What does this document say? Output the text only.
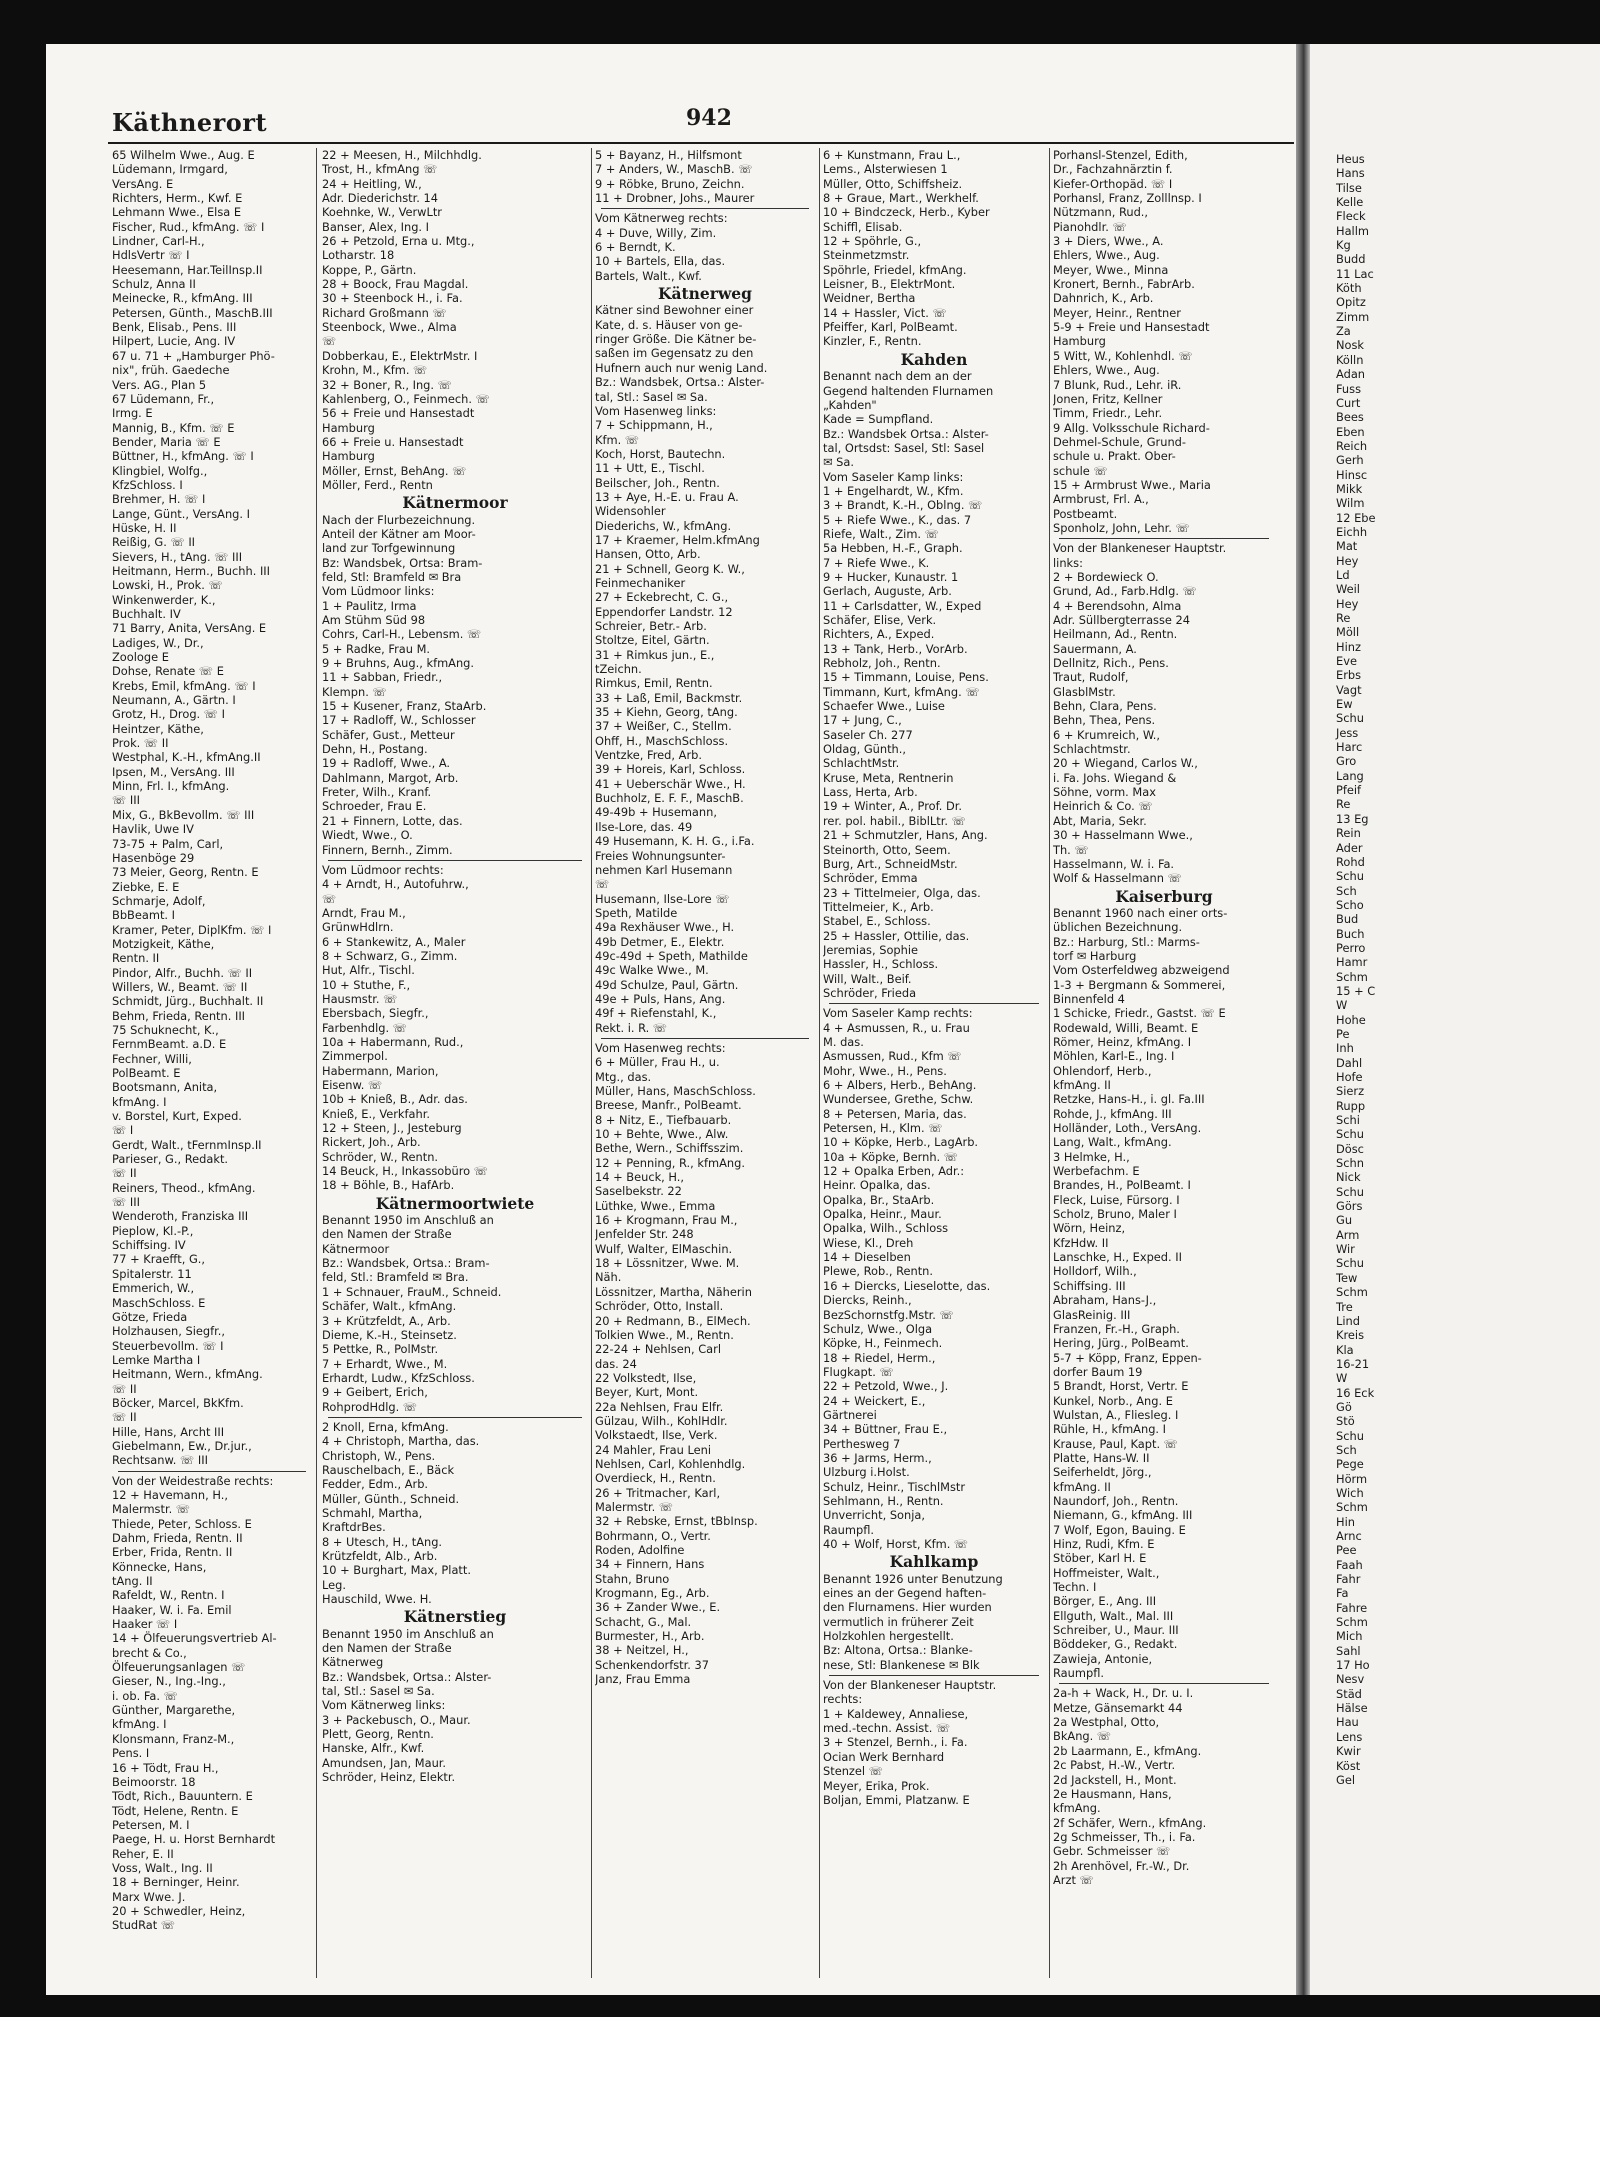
Heus
Hans
Tilse
Kelle
Fleck
Hallm
Kg
Budd
11 Lac
Köth
Opitz
Zimm
Za
Nosk
Kölln
Adan
Fuss
Curt
Bees
Eben
Reich
Gerh
Hinsc
Mikk
Wilm
12 Ebe
Eichh
Mat
Hey
Ld
Weil
Hey
Re
Möll
Hinz
Eve
Erbs
Vagt
Ew
Schu
Jess
Harc
Gro
Lang
Pfeif
Re
13 Eg
Rein
Ader
Rohd
Schu
Sch
Scho
Bud
Buch
Perro
Hamr
Schm
15 + C
W
Hohe
Pe
Inh
Dahl
Hofe
Sierz
Rupp
Schi
Schu
Dösc
Schn
Nick
Schu
Görs
Gu
Arm
Wir
Schu
Tew
Schm
Tre
Lind
Kreis
Kla
16-21
W
16 Eck
Gö
Stö
Schu
Sch
Pege
Hörm
Wich
Schm
Hin
Arnc
Pee
Faah
Fahr
Fa
Fahre
Schm
Mich
Sahl
17 Ho
Nesv
Städ
Hälse
Hau
Lens
Kwir
Köst
Gel
Käthnerort	942
65 Wilhelm Wwe., Aug. E
Lüdemann, Irmgard,
VersAng. E
Richters, Herm., Kwf. E
Lehmann Wwe., Elsa E
Fischer, Rud., kfmAng. ☏ I
Lindner, Carl-H.,
HdlsVertr ☏ I
Heesemann, Har.TeilInsp.II
Schulz, Anna II
Meinecke, R., kfmAng. III
Petersen, Günth., MaschB.III
Benk, Elisab., Pens. III
Hilpert, Lucie, Ang. IV
67 u. 71 + „Hamburger Phö-
nix", früh. Gaedeche
Vers. AG., Plan 5
67 Lüdemann, Fr.,
Irmg. E
Mannig, B., Kfm. ☏ E
Bender, Maria ☏ E
Büttner, H., kfmAng. ☏ I
Klingbiel, Wolfg.,
KfzSchloss. I
Brehmer, H. ☏ I
Lange, Günt., VersAng. I
Hüske, H. II
Reißig, G. ☏ II
Sievers, H., tAng. ☏ III
Heitmann, Herm., Buchh. III
Lowski, H., Prok. ☏
Winkenwerder, K.,
Buchhalt. IV
71 Barry, Anita, VersAng. E
Ladiges, W., Dr.,
Zoologe E
Dohse, Renate ☏ E
Krebs, Emil, kfmAng. ☏ I
Neumann, A., Gärtn. I
Grotz, H., Drog. ☏ I
Heintzer, Käthe,
Prok. ☏ II
Westphal, K.-H., kfmAng.II
Ipsen, M., VersAng. III
Minn, Frl. I., kfmAng.
☏ III
Mix, G., BkBevollm. ☏ III
Havlik, Uwe IV
73-75 + Palm, Carl,
Hasenböge 29
73 Meier, Georg, Rentn. E
Ziebke, E. E
Schmarje, Adolf,
BbBeamt. I
Kramer, Peter, DiplKfm. ☏ I
Motzigkeit, Käthe,
Rentn. II
Pindor, Alfr., Buchh. ☏ II
Willers, W., Beamt. ☏ II
Schmidt, Jürg., Buchhalt. II
Behm, Frieda, Rentn. III
75 Schuknecht, K.,
FernmBeamt. a.D. E
Fechner, Willi,
PolBeamt. E
Bootsmann, Anita,
kfmAng. I
v. Borstel, Kurt, Exped.
☏ I
Gerdt, Walt., tFernmInsp.II
Parieser, G., Redakt.
☏ II
Reiners, Theod., kfmAng.
☏ III
Wenderoth, Franziska III
Pieplow, Kl.-P.,
Schiffsing. IV
77 + Kraefft, G.,
Spitalerstr. 11
Emmerich, W.,
MaschSchloss. E
Götze, Frieda
Holzhausen, Siegfr.,
Steuerbevollm. ☏ I
Lemke Martha I
Heitmann, Wern., kfmAng.
☏ II
Böcker, Marcel, BkKfm.
☏ II
Hille, Hans, Archt III
Giebelmann, Ew., Dr.jur.,
Rechtsanw. ☏ III
Von der Weidestraße rechts:
12 + Havemann, H.,
Malermstr. ☏
Thiede, Peter, Schloss. E
Dahm, Frieda, Rentn. II
Erber, Frida, Rentn. II
Könnecke, Hans,
tAng. II
Rafeldt, W., Rentn. I
Haaker, W. i. Fa. Emil
Haaker ☏ I
14 + Ölfeuerungsvertrieb Al-
brecht & Co.,
Ölfeuerungsanlagen ☏
Gieser, N., Ing.-Ing.,
i. ob. Fa. ☏
Günther, Margarethe,
kfmAng. I
Klonsmann, Franz-M.,
Pens. I
16 + Tödt, Frau H.,
Beimoorstr. 18
Tödt, Rich., Bauuntern. E
Tödt, Helene, Rentn. E
Petersen, M. I
Paege, H. u. Horst Bernhardt
Reher, E. II
Voss, Walt., Ing. II
18 + Berninger, Heinr.
Marx Wwe. J.
20 + Schwedler, Heinz,
StudRat ☏
22 + Meesen, H., Milchhdlg.
Trost, H., kfmAng ☏
24 + Heitling, W.,
Adr. Diederichstr. 14
Koehnke, W., VerwLtr
Banser, Alex, Ing. I
26 + Petzold, Erna u. Mtg.,
Lotharstr. 18
Koppe, P., Gärtn.
28 + Boock, Frau Magdal.
30 + Steenbock H., i. Fa.
Richard Großmann ☏
Steenbock, Wwe., Alma
☏
Dobberkau, E., ElektrMstr. I
Krohn, M., Kfm. ☏
32 + Boner, R., Ing. ☏
Kahlenberg, O., Feinmech. ☏
56 + Freie und Hansestadt
Hamburg
66 + Freie u. Hansestadt
Hamburg
Möller, Ernst, BehAng. ☏
Möller, Ferd., Rentn
Kätnermoor
Nach der Flurbezeichnung.
Anteil der Kätner am Moor-
land zur Torfgewinnung
Bz: Wandsbek, Ortsa: Bram-
feld, Stl: Bramfeld ✉ Bra
Vom Lüdmoor links:
1 + Paulitz, Irma
Am Stühm Süd 98
Cohrs, Carl-H., Lebensm. ☏
5 + Radke, Frau M.
9 + Bruhns, Aug., kfmAng.
11 + Sabban, Friedr.,
Klempn. ☏
15 + Kusener, Franz, StaArb.
17 + Radloff, W., Schlosser
Schäfer, Gust., Metteur
Dehn, H., Postang.
19 + Radloff, Wwe., A.
Dahlmann, Margot, Arb.
Freter, Wilh., Kranf.
Schroeder, Frau E.
21 + Finnern, Lotte, das.
Wiedt, Wwe., O.
Finnern, Bernh., Zimm.
Vom Lüdmoor rechts:
4 + Arndt, H., Autofuhrw.,
☏
Arndt, Frau M.,
GrünwHdlrn.
6 + Stankewitz, A., Maler
8 + Schwarz, G., Zimm.
Hut, Alfr., Tischl.
10 + Stuthe, F.,
Hausmstr. ☏
Ebersbach, Siegfr.,
Farbenhdlg. ☏
10a + Habermann, Rud.,
Zimmerpol.
Habermann, Marion,
Eisenw. ☏
10b + Knieß, B., Adr. das.
Knieß, E., Verkfahr.
12 + Steen, J., Jesteburg
Rickert, Joh., Arb.
Schröder, W., Rentn.
14 Beuck, H., Inkassobüro ☏
18 + Böhle, B., HafArb.
Kätnermoortwiete
Benannt 1950 im Anschluß an
den Namen der Straße
Kätnermoor
Bz.: Wandsbek, Ortsa.: Bram-
feld, Stl.: Bramfeld ✉ Bra.
1 + Schnauer, FrauM., Schneid.
Schäfer, Walt., kfmAng.
3 + Krützfeldt, A., Arb.
Dieme, K.-H., Steinsetz.
5 Pettke, R., PolMstr.
7 + Erhardt, Wwe., M.
Erhardt, Ludw., KfzSchloss.
9 + Geibert, Erich,
RohprodHdlg. ☏
2 Knoll, Erna, kfmAng.
4 + Christoph, Martha, das.
Christoph, W., Pens.
Rauschelbach, E., Bäck
Fedder, Edm., Arb.
Müller, Günth., Schneid.
Schmahl, Martha,
KraftdrBes.
8 + Utesch, H., tAng.
Krützfeldt, Alb., Arb.
10 + Burghart, Max, Platt.
Leg.
Hauschild, Wwe. H.
Kätnerstieg
Benannt 1950 im Anschluß an
den Namen der Straße
Kätnerweg
Bz.: Wandsbek, Ortsa.: Alster-
tal, Stl.: Sasel ✉ Sa.
Vom Kätnerweg links:
3 + Packebusch, O., Maur.
Plett, Georg, Rentn.
Hanske, Alfr., Kwf.
Amundsen, Jan, Maur.
Schröder, Heinz, Elektr.
5 + Bayanz, H., Hilfsmont
7 + Anders, W., MaschB. ☏
9 + Röbke, Bruno, Zeichn.
11 + Drobner, Johs., Maurer
Vom Kätnerweg rechts:
4 + Duve, Willy, Zim.
6 + Berndt, K.
10 + Bartels, Ella, das.
Bartels, Walt., Kwf.
Kätnerweg
Kätner sind Bewohner einer
Kate, d. s. Häuser von ge-
ringer Größe. Die Kätner be-
saßen im Gegensatz zu den
Hufnern auch nur wenig Land.
Bz.: Wandsbek, Ortsa.: Alster-
tal, Stl.: Sasel ✉ Sa.
Vom Hasenweg links:
7 + Schippmann, H.,
Kfm. ☏
Koch, Horst, Bautechn.
11 + Utt, E., Tischl.
Beilscher, Joh., Rentn.
13 + Aye, H.-E. u. Frau A.
Widensohler
Diederichs, W., kfmAng.
17 + Kraemer, Helm.kfmAng
Hansen, Otto, Arb.
21 + Schnell, Georg K. W.,
Feinmechaniker
27 + Eckebrecht, C. G.,
Eppendorfer Landstr. 12
Schreier, Betr.- Arb.
Stoltze, Eitel, Gärtn.
31 + Rimkus jun., E.,
tZeichn.
Rimkus, Emil, Rentn.
33 + Laß, Emil, Backmstr.
35 + Kiehn, Georg, tAng.
37 + Weißer, C., Stellm.
Ohff, H., MaschSchloss.
Ventzke, Fred, Arb.
39 + Horeis, Karl, Schloss.
41 + Ueberschär Wwe., H.
Buchholz, E. F. F., MaschB.
49-49b + Husemann,
Ilse-Lore, das. 49
49 Husemann, K. H. G., i.Fa.
Freies Wohnungsunter-
nehmen Karl Husemann
☏
Husemann, Ilse-Lore ☏
Speth, Matilde
49a Rexhäuser Wwe., H.
49b Detmer, E., Elektr.
49c-49d + Speth, Mathilde
49c Walke Wwe., M.
49d Schulze, Paul, Gärtn.
49e + Puls, Hans, Ang.
49f + Riefenstahl, K.,
Rekt. i. R. ☏
Vom Hasenweg rechts:
6 + Müller, Frau H., u.
Mtg., das.
Müller, Hans, MaschSchloss.
Breese, Manfr., PolBeamt.
8 + Nitz, E., Tiefbauarb.
10 + Behte, Wwe., Alw.
Bethe, Wern., Schiffsszim.
12 + Penning, R., kfmAng.
14 + Beuck, H.,
Saselbekstr. 22
Lüthke, Wwe., Emma
16 + Krogmann, Frau M.,
Jenfelder Str. 248
Wulf, Walter, ElMaschin.
18 + Lössnitzer, Wwe. M.
Näh.
Lössnitzer, Martha, Näherin
Schröder, Otto, Install.
20 + Redmann, B., ElMech.
Tolkien Wwe., M., Rentn.
22-24 + Nehlsen, Carl
das. 24
22 Volkstedt, Ilse,
Beyer, Kurt, Mont.
22a Nehlsen, Frau Elfr.
Gülzau, Wilh., KohlHdlr.
Volkstaedt, Ilse, Verk.
24 Mahler, Frau Leni
Nehlsen, Carl, Kohlenhdlg.
Overdieck, H., Rentn.
26 + Tritmacher, Karl,
Malermstr. ☏
32 + Rebske, Ernst, tBbInsp.
Bohrmann, O., Vertr.
Roden, Adolfine
34 + Finnern, Hans
Stahn, Bruno
Krogmann, Eg., Arb.
36 + Zander Wwe., E.
Schacht, G., Mal.
Burmester, H., Arb.
38 + Neitzel, H.,
Schenkendorfstr. 37
Janz, Frau Emma
6 + Kunstmann, Frau L.,
Lems., Alsterwiesen 1
Müller, Otto, Schiffsheiz.
8 + Graue, Mart., Werkhelf.
10 + Bindczeck, Herb., Kyber
Schiffl, Elisab.
12 + Spöhrle, G.,
Steinmetzmstr.
Spöhrle, Friedel, kfmAng.
Leisner, B., ElektrMont.
Weidner, Bertha
14 + Hassler, Vict. ☏
Pfeiffer, Karl, PolBeamt.
Kinzler, F., Rentn.
Kahden
Benannt nach dem an der
Gegend haltenden Flurnamen
„Kahden"
Kade = Sumpfland.
Bz.: Wandsbek Ortsa.: Alster-
tal, Ortsdst: Sasel, Stl: Sasel
✉ Sa.
Vom Saseler Kamp links:
1 + Engelhardt, W., Kfm.
3 + Brandt, K.-H., Oblng. ☏
5 + Riefe Wwe., K., das. 7
Riefe, Walt., Zim. ☏
5a Hebben, H.-F., Graph.
7 + Riefe Wwe., K.
9 + Hucker, Kunaustr. 1
Gerlach, Auguste, Arb.
11 + Carlsdatter, W., Exped
Schäfer, Elise, Verk.
Richters, A., Exped.
13 + Tank, Herb., VorArb.
Rebholz, Joh., Rentn.
15 + Timmann, Louise, Pens.
Timmann, Kurt, kfmAng. ☏
Schaefer Wwe., Luise
17 + Jung, C.,
Saseler Ch. 277
Oldag, Günth.,
SchlachtMstr.
Kruse, Meta, Rentnerin
Lass, Herta, Arb.
19 + Winter, A., Prof. Dr.
rer. pol. habil., BiblLtr. ☏
21 + Schmutzler, Hans, Ang.
Steinorth, Otto, Seem.
Burg, Art., SchneidMstr.
Schröder, Emma
23 + Tittelmeier, Olga, das.
Tittelmeier, K., Arb.
Stabel, E., Schloss.
25 + Hassler, Ottilie, das.
Jeremias, Sophie
Hassler, H., Schloss.
Will, Walt., Beif.
Schröder, Frieda
Vom Saseler Kamp rechts:
4 + Asmussen, R., u. Frau
M. das.
Asmussen, Rud., Kfm ☏
Mohr, Wwe., H., Pens.
6 + Albers, Herb., BehAng.
Wundersee, Grethe, Schw.
8 + Petersen, Maria, das.
Petersen, H., Klm. ☏
10 + Köpke, Herb., LagArb.
10a + Köpke, Bernh. ☏
12 + Opalka Erben, Adr.:
Heinr. Opalka, das.
Opalka, Br., StaArb.
Opalka, Heinr., Maur.
Opalka, Wilh., Schloss
Wiese, Kl., Dreh
14 + Dieselben
Plewe, Rob., Rentn.
16 + Diercks, Lieselotte, das.
Diercks, Reinh.,
BezSchornstfg.Mstr. ☏
Schulz, Wwe., Olga
Köpke, H., Feinmech.
18 + Riedel, Herm.,
Flugkapt. ☏
22 + Petzold, Wwe., J.
24 + Weickert, E.,
Gärtnerei
34 + Büttner, Frau E.,
Perthesweg 7
36 + Jarms, Herm.,
Ulzburg i.Holst.
Schulz, Heinr., TischlMstr
Sehlmann, H., Rentn.
Unverricht, Sonja,
Raumpfl.
40 + Wolf, Horst, Kfm. ☏
Kahlkamp
Benannt 1926 unter Benutzung
eines an der Gegend haften-
den Flurnamens. Hier wurden
vermutlich in früherer Zeit
Holzkohlen hergestellt.
Bz: Altona, Ortsa.: Blanke-
nese, Stl: Blankenese ✉ Blk
Von der Blankeneser Hauptstr.
rechts:
1 + Kaldewey, Annaliese,
med.-techn. Assist. ☏
3 + Stenzel, Bernh., i. Fa.
Ocian Werk Bernhard
Stenzel ☏
Meyer, Erika, Prok.
Boljan, Emmi, Platzanw. E
Porhansl-Stenzel, Edith,
Dr., Fachzahnärztin f.
Kiefer-Orthopäd. ☏ I
Porhansl, Franz, Zolllnsp. I
Nützmann, Rud.,
Pianohdlr. ☏
3 + Diers, Wwe., A.
Ehlers, Wwe., Aug.
Meyer, Wwe., Minna
Kronert, Bernh., FabrArb.
Dahnrich, K., Arb.
Meyer, Heinr., Rentner
5-9 + Freie und Hansestadt
Hamburg
5 Witt, W., Kohlenhdl. ☏
Ehlers, Wwe., Aug.
7 Blunk, Rud., Lehr. iR.
Jonen, Fritz, Kellner
Timm, Friedr., Lehr.
9 Allg. Volksschule Richard-
Dehmel-Schule, Grund-
schule u. Prakt. Ober-
schule ☏
15 + Armbrust Wwe., Maria
Armbrust, Frl. A.,
Postbeamt.
Sponholz, John, Lehr. ☏
Von der Blankeneser Hauptstr.
links:
2 + Bordewieck O.
Grund, Ad., Farb.Hdlg. ☏
4 + Berendsohn, Alma
Adr. Süllbergterrasse 24
Heilmann, Ad., Rentn.
Sauermann, A.
Dellnitz, Rich., Pens.
Traut, Rudolf,
GlasblMstr.
Behn, Clara, Pens.
Behn, Thea, Pens.
6 + Krumreich, W.,
Schlachtmstr.
20 + Wiegand, Carlos W.,
i. Fa. Johs. Wiegand &
Söhne, vorm. Max
Heinrich & Co. ☏
Abt, Maria, Sekr.
30 + Hasselmann Wwe.,
Th. ☏
Hasselmann, W. i. Fa.
Wolf & Hasselmann ☏
Kaiserburg
Benannt 1960 nach einer orts-
üblichen Bezeichnung.
Bz.: Harburg, Stl.: Marms-
torf ✉ Harburg
Vom Osterfeldweg abzweigend
1-3 + Bergmann & Sommerei,
Binnenfeld 4
1 Schicke, Friedr., Gastst. ☏ E
Rodewald, Willi, Beamt. E
Römer, Heinz, kfmAng. I
Möhlen, Karl-E., Ing. I
Ohlendorf, Herb.,
kfmAng. II
Retzke, Hans-H., i. gl. Fa.III
Rohde, J., kfmAng. III
Holländer, Loth., VersAng.
Lang, Walt., kfmAng.
3 Helmke, H.,
Werbefachm. E
Brandes, H., PolBeamt. I
Fleck, Luise, Fürsorg. I
Scholz, Bruno, Maler I
Wörn, Heinz,
KfzHdw. II
Lanschke, H., Exped. II
Holldorf, Wilh.,
Schiffsing. III
Abraham, Hans-J.,
GlasReinig. III
Franzen, Fr.-H., Graph.
Hering, Jürg., PolBeamt.
5-7 + Köpp, Franz, Eppen-
dorfer Baum 19
5 Brandt, Horst, Vertr. E
Kunkel, Norb., Ang. E
Wulstan, A., Fliesleg. I
Rühle, H., kfmAng. I
Krause, Paul, Kapt. ☏
Platte, Hans-W. II
Seiferheldt, Jörg.,
kfmAng. II
Naundorf, Joh., Rentn.
Niemann, G., kfmAng. III
7 Wolf, Egon, Bauing. E
Hinz, Rudi, Kfm. E
Stöber, Karl H. E
Hoffmeister, Walt.,
Techn. I
Börger, E., Ang. III
Ellguth, Walt., Mal. III
Schreiber, U., Maur. III
Böddeker, G., Redakt.
Zawieja, Antonie,
Raumpfl.
2a-h + Wack, H., Dr. u. I.
Metze, Gänsemarkt 44
2a Westphal, Otto,
BkAng. ☏
2b Laarmann, E., kfmAng.
2c Pabst, H.-W., Vertr.
2d Jackstell, H., Mont.
2e Hausmann, Hans,
kfmAng.
2f Schäfer, Wern., kfmAng.
2g Schmeisser, Th., i. Fa.
Gebr. Schmeisser ☏
2h Arenhövel, Fr.-W., Dr.
Arzt ☏
